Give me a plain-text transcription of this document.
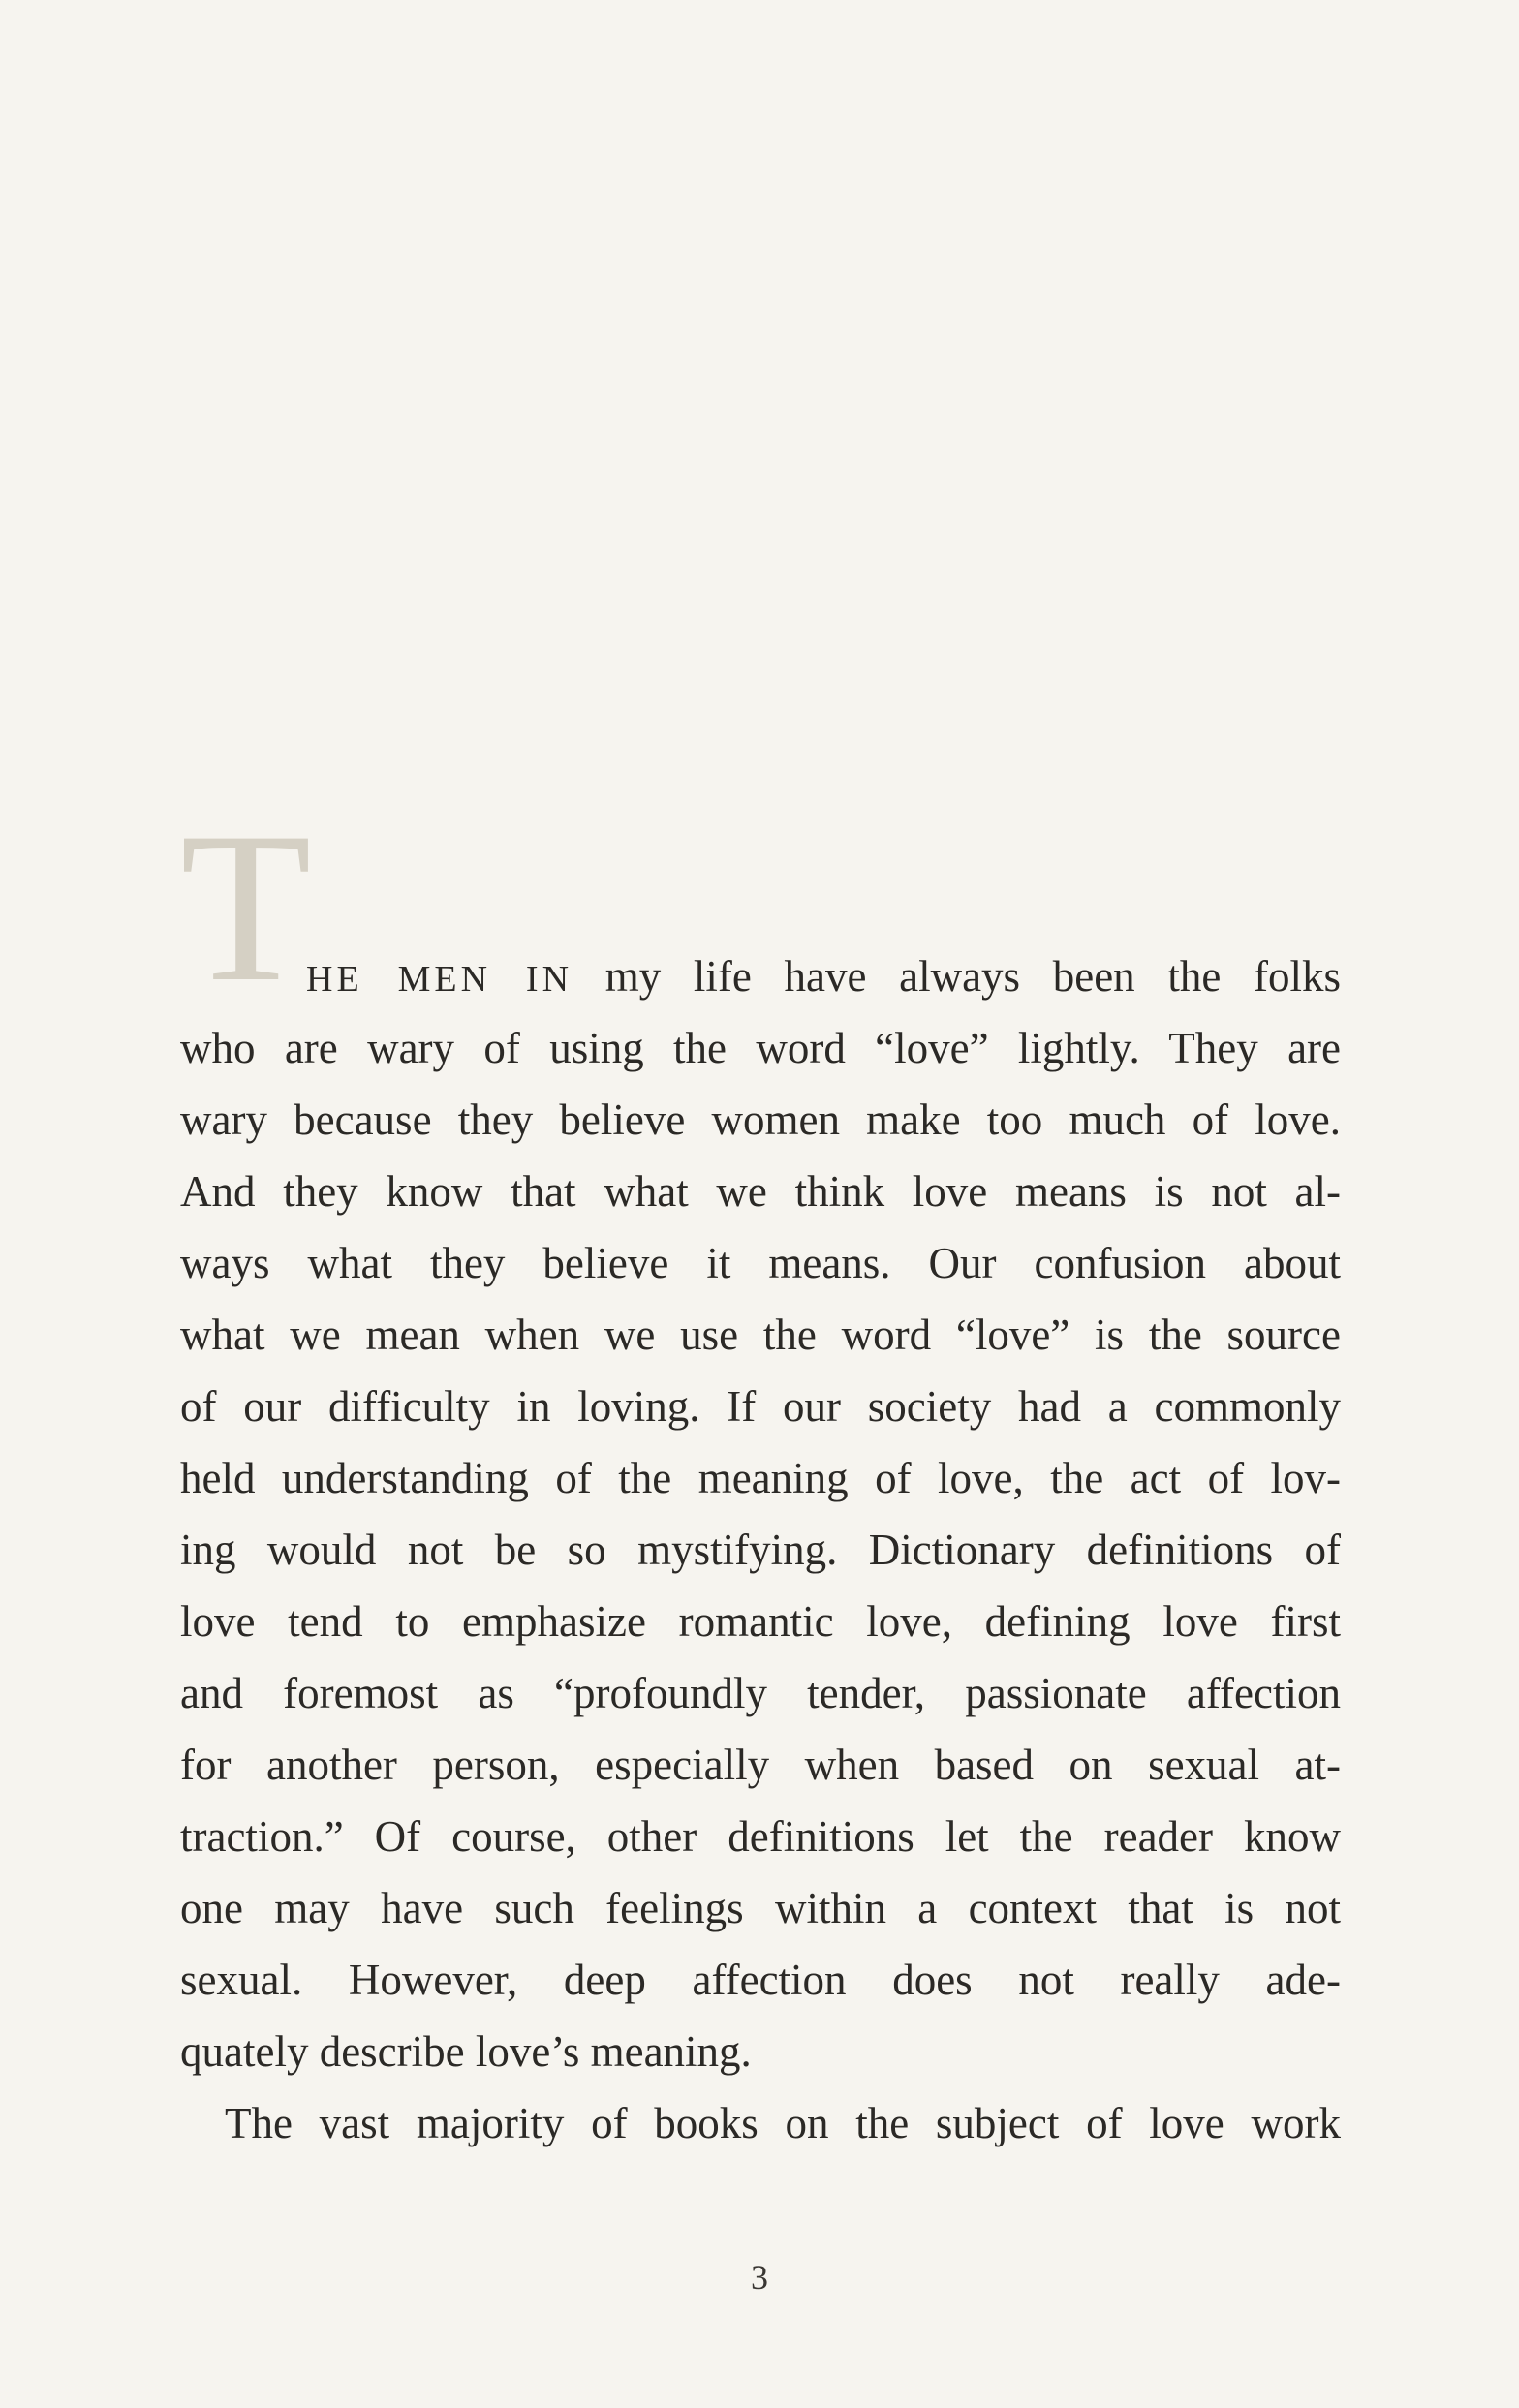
T
HE MEN IN my life have always been the folks
who are wary of using the word “love” lightly. They are
wary because they believe women make too much of love.
And they know that what we think love means is not al-
ways what they believe it means. Our confusion about
what we mean when we use the word “love” is the source
of our difficulty in loving. If our society had a commonly
held understanding of the meaning of love, the act of lov-
ing would not be so mystifying. Dictionary definitions of
love tend to emphasize romantic love, defining love first
and foremost as “profoundly tender, passionate affection
for another person, especially when based on sexual at-
traction.” Of course, other definitions let the reader know
one may have such feelings within a context that is not
sexual. However, deep affection does not really ade-
quately describe love’s meaning.
The vast majority of books on the subject of love work
3
